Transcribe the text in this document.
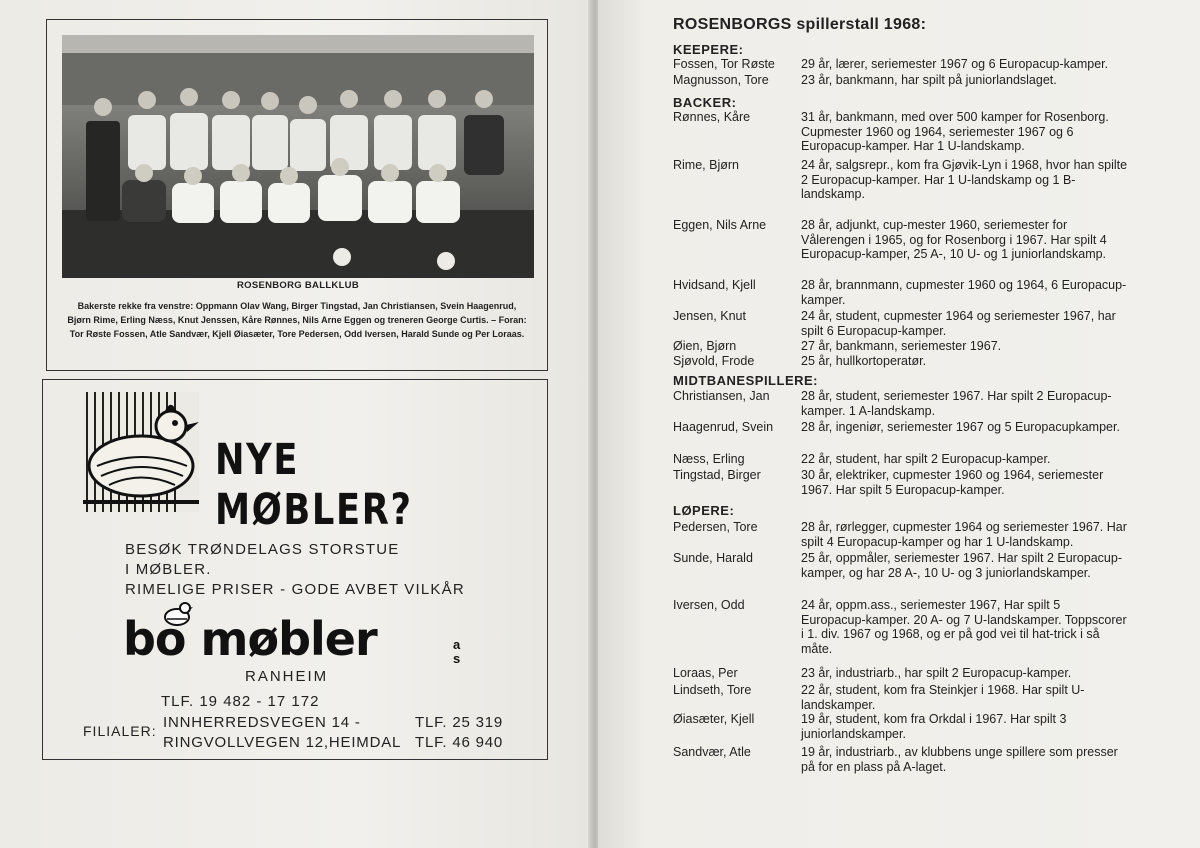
ROSENBORG BALLKLUB
Bakerste rekke fra venstre: Oppmann Olav Wang, Birger Tingstad, Jan Christiansen, Svein Haagenrud, Bjørn Rime, Erling Næss, Knut Jenssen, Kåre Rønnes, Nils Arne Eggen og treneren George Curtis. – Foran: Tor Røste Fossen, Atle Sandvær, Kjell Øiasæter, Tore Pedersen, Odd Iversen, Harald Sunde og Per Loraas.
NYE MØBLER?
BESØK TRØNDELAGS STORSTUE
I MØBLER.
RIMELIGE PRISER - GODE AVBET VILKÅR
bo møbler	a
s
RANHEIM
TLF. 19 482 - 17 172
FILIALER: INNHERREDSVEGEN 14 -
RINGVOLLVEGEN 12,HEIMDAL
TLF. 25 319
TLF. 46 940
ROSENBORGS spillerstall 1968:
KEEPERE:
Fossen, Tor Røste	29 år, lærer, seriemester 1967 og 6 Europacup-kamper.
Magnusson, Tore	23 år, bankmann, har spilt på juniorlandslaget.
BACKER:
Rønnes, Kåre	31 år, bankmann, med over 500 kamper for Rosenborg. Cupmester 1960 og 1964, seriemester 1967 og 6 Europacup-kamper. Har 1 U-landskamp.
Rime, Bjørn	24 år, salgsrepr., kom fra Gjøvik-Lyn i 1968, hvor han spilte 2 Europacup-kamper. Har 1 U-landskamp og 1 B-landskamp.
Eggen, Nils Arne	28 år, adjunkt, cup-mester 1960, seriemester for Vålerengen i 1965, og for Rosenborg i 1967. Har spilt 4 Europacup-kamper, 25 A-, 10 U- og 1 juniorlandskamp.
Hvidsand, Kjell	28 år, brannmann, cupmester 1960 og 1964, 6 Europacup-kamper.
Jensen, Knut	24 år, student, cupmester 1964 og seriemester 1967, har spilt 6 Europacup-kamper.
Øien, Bjørn	27 år, bankmann, seriemester 1967.
Sjøvold, Frode	25 år, hullkortoperatør.
MIDTBANESPILLERE:
Christiansen, Jan	28 år, student, seriemester 1967. Har spilt 2 Europacup-kamper. 1 A-landskamp.
Haagenrud, Svein	28 år, ingeniør, seriemester 1967 og 5 Europacupkamper.
Næss, Erling	22 år, student, har spilt 2 Europacup-kamper.
Tingstad, Birger	30 år, elektriker, cupmester 1960 og 1964, seriemester 1967. Har spilt 5 Europacup-kamper.
LØPERE:
Pedersen, Tore	28 år, rørlegger, cupmester 1964 og seriemester 1967. Har spilt 4 Europacup-kamper og har 1 U-landskamp.
Sunde, Harald	25 år, oppmåler, seriemester 1967. Har spilt 2 Europacup-kamper, og har 28 A-, 10 U- og 3 juniorlandskamper.
Iversen, Odd	24 år, oppm.ass., seriemester 1967, Har spilt 5 Europacup-kamper. 20 A- og 7 U-landskamper. Toppscorer i 1. div. 1967 og 1968, og er på god vei til hat-trick i så måte.
Loraas, Per	23 år, industriarb., har spilt 2 Europacup-kamper.
Lindseth, Tore	22 år, student, kom fra Steinkjer i 1968. Har spilt U-landskamper.
Øiasæter, Kjell	19 år, student, kom fra Orkdal i 1967. Har spilt 3 juniorlandskamper.
Sandvær, Atle	19 år, industriarb., av klubbens unge spillere som presser på for en plass på A-laget.
